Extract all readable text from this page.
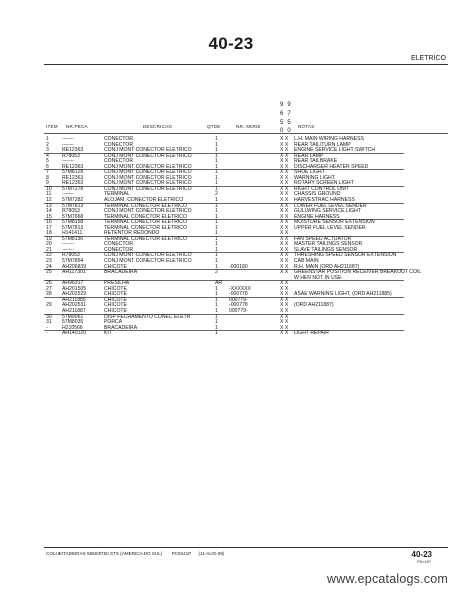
40-23
ELETRICO
9 9
6 7
5 5
0 0
ITEM NR.PECA	DESCRICAO	QTDE	NR. SERIE	NOTAS
1	-------	CONECTOR	1	X X L.H. MAIN WIRING HARNESS
2	-------	CONECTOR	1	X X REAR TAIL/TURN LAMP
3	RE12363	CONJ MONT CONECTOR ELETRICO	1	X X ENGINE SERVICE LIGHT SWITCH
4	R78053	CONJ MONT CONECTOR ELETRICO	1	X X REAR LAMP
5	-------	CONECTOR	1	X X REAR TAILBRAKE
6	RE12363	CONJ MONT CONECTOR ELETRICO	1	X X DISCHARGER HEATER SPEED
7	57M8128	CONJ MONT CONECTOR ELETRICO	1	X X SHOE LIGHT
8	RE12363	CONJ MONT CONECTOR ELETRICO	1	X X WARNING LIGHT
9	RE12363	CONJ MONT CONECTOR ELETRICO	1	X X ROTARY SCREEN LIGHT
10 57M7278	CONJ MONT CONECTOR ELETRICO	1	X X RIGHT CONTROL UNIT
11 -------	TERMINAL	2	X X CHASSIS GROUND
12 57M7282	ALOJAM. CONECTOR ELETRICO	1	X X HARVESTRAC HARNESS
13 57M7813	TERMINAL CONECTOR ELETRICO	1	X X LOWER FUEL LEVEL SENDER
14 R78053	CONJ MONT CONECTOR ELETRICO	1	X X GULLWING SERVICE LIGHT
15 57M7668	TERMINAL CONECTOR ELETRICO	1	X X ENGINE HARNESS
16 57M8158	TERMINAL CONECTOR ELETRICO	1	X X MOISTURE SENSOR EXTENSION
17 57M7813	TERMINAL CONECTOR ELETRICO	1	X X UPPER FUEL LEVEL SENDER
18 H141411	RETENTOR REDONDO	1	X X
19 57M8130	TERMINAL CONECTOR ELETRICO	1	X X FAN SPEED ACTUATOR
20 -------	CONECTOR	1	X X MASTER TAILINGS SENSOR
21 -------	CONECTOR	1	X X SLAVE TAILINGS SENSOR
22 R78053	CONJ MONT CONECTOR ELETRICO	1	X X THRESHING SPEED SENSOR EXTENSION
23 57M7854	CONJ MONT CONECTOR ELETRICO	1	X X CAB MAIN
24 AH206839	CHICOTE	1 -000180	X X R.H. MAIN (ORD AH211687)
25 AH117301	BRACADEIRA	2	X X GREENSTAR POSITION RECEIVER BREAKOUT COIL
W HEN NOT IN USE.
26 AH96317	PRESILHA	AR	X X
27 AH201505	CHICOTE	1 -XXXXXX	X X
28 AH202529	CHICOTE	1 -000778	X X ASAE WARNING LIGHT, (ORD AH211885)
AH211885	CHICOTE	1 000779-	X X
29 AH202531	CHICOTE	1 -000778	X X (ORD AH211887)
AH211887	CHICOTE	1 000779-	X X
30 57M9061	DISP FECHAMENTO CONEC ELETR	1	X X
31 57M8035	PORCA	1	X X
-	H210566	BRACADEIRA	1	X X
-	AH140120	KIT	1	X X LIGHT REPAIR
COLHEITADEIRAS 9650/9750 STS (AMERICA DO SUL) PC9241P (11-AUG-08)	40-23
PN=197
www.epcatalogs.com
